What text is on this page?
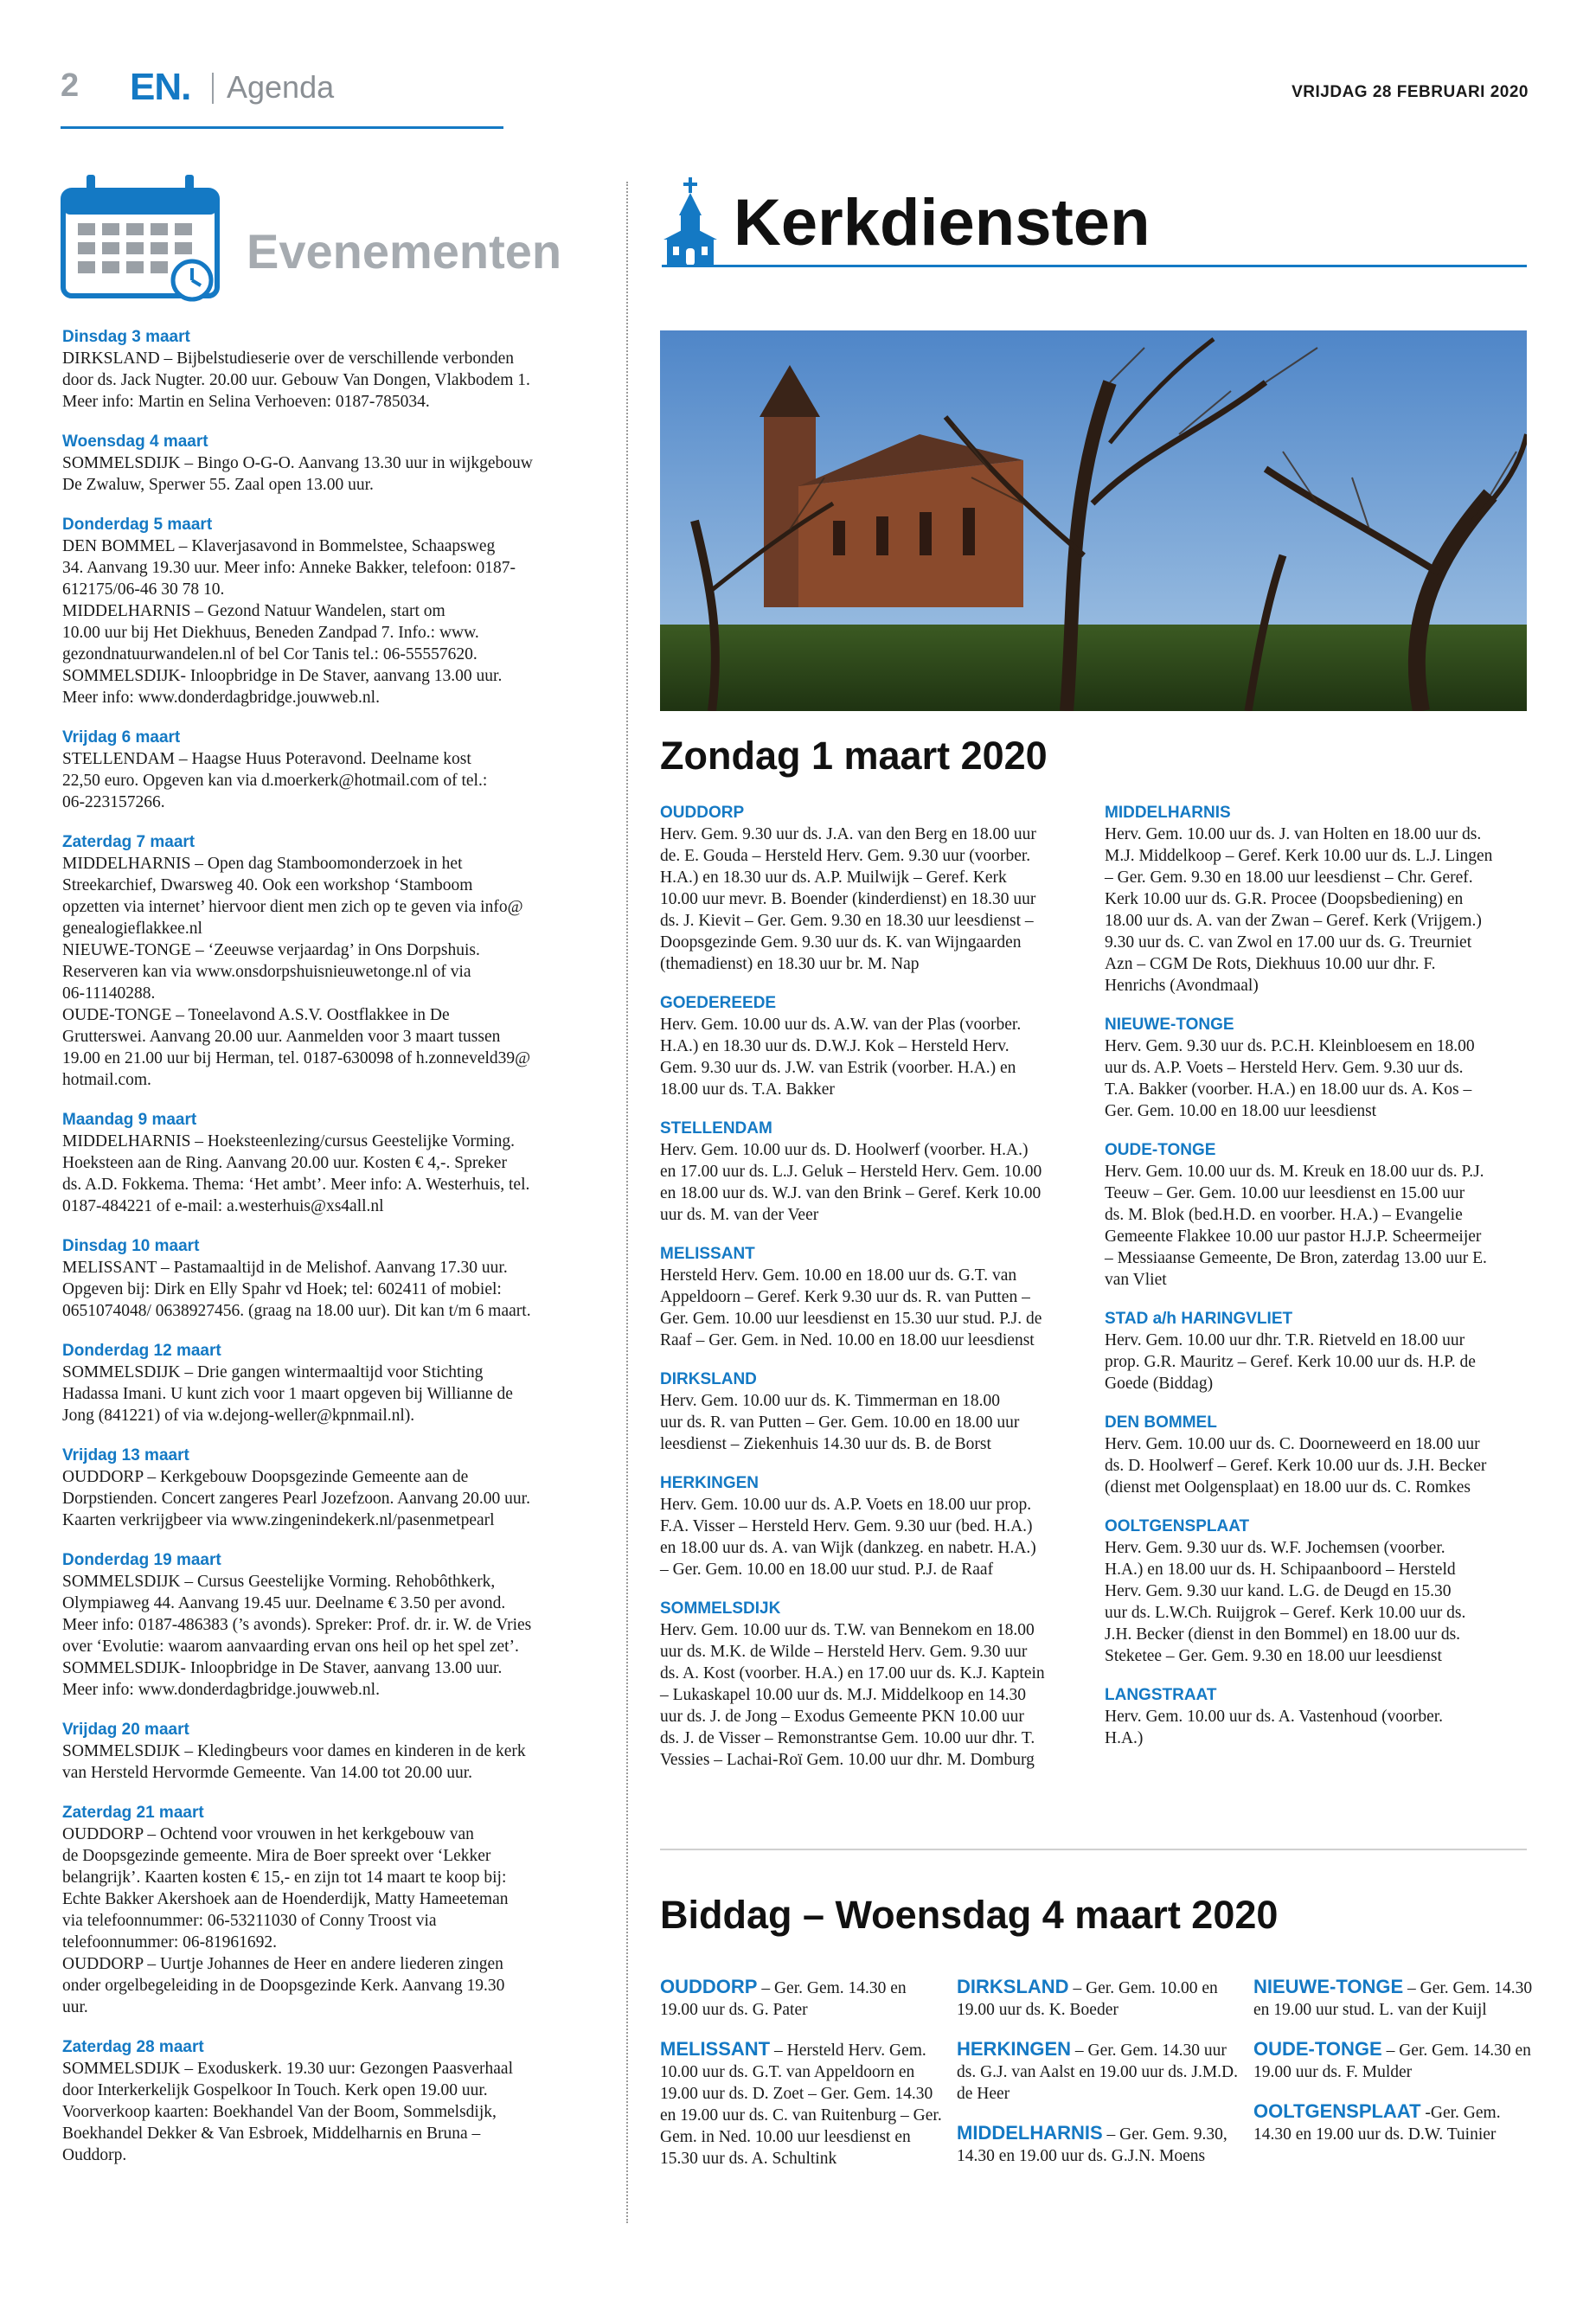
2 EN. Agenda	VRIJDAG 28 FEBRUARI 2020
Evenementen
Dinsdag 3 maart
DIRKSLAND – Bijbelstudieserie over de verschillende verbonden
door ds. Jack Nugter. 20.00 uur. Gebouw Van Dongen, Vlakbodem 1.
Meer info: Martin en Selina Verhoeven: 0187-785034.
Woensdag 4 maart
SOMMELSDIJK – Bingo O-G-O. Aanvang 13.30 uur in wijkgebouw
De Zwaluw, Sperwer 55. Zaal open 13.00 uur.
Donderdag 5 maart
DEN BOMMEL – Klaverjasavond in Bommelstee, Schaapsweg
34. Aanvang 19.30 uur. Meer info: Anneke Bakker, telefoon: 0187-
612175/06-46 30 78 10.
MIDDELHARNIS – Gezond Natuur Wandelen, start om
10.00 uur bij Het Diekhuus, Beneden Zandpad 7. Info.: www.
gezondnatuurwandelen.nl of bel Cor Tanis tel.: 06-55557620.
SOMMELSDIJK- Inloopbridge in De Staver, aanvang 13.00 uur.
Meer info: www.donderdagbridge.jouwweb.nl.
Vrijdag 6 maart
STELLENDAM – Haagse Huus Poteravond. Deelname kost
22,50 euro. Opgeven kan via d.moerkerk@hotmail.com of tel.:
06-223157266.
Zaterdag 7 maart
MIDDELHARNIS – Open dag Stamboomonderzoek in het
Streekarchief, Dwarsweg 40. Ook een workshop ‘Stamboom
opzetten via internet’ hiervoor dient men zich op te geven via info@
genealogieflakkee.nl
NIEUWE-TONGE – ‘Zeeuwse verjaardag’ in Ons Dorpshuis.
Reserveren kan via www.onsdorpshuisnieuwetonge.nl of via
06-11140288.
OUDE-TONGE – Toneelavond A.S.V. Oostflakkee in De
Grutterswei. Aanvang 20.00 uur. Aanmelden voor 3 maart tussen
19.00 en 21.00 uur bij Herman, tel. 0187-630098 of h.zonneveld39@
hotmail.com.
Maandag 9 maart
MIDDELHARNIS – Hoeksteenlezing/cursus Geestelijke Vorming.
Hoeksteen aan de Ring. Aanvang 20.00 uur. Kosten € 4,-. Spreker
ds. A.D. Fokkema. Thema: ‘Het ambt’. Meer info: A. Westerhuis, tel.
0187-484221 of e-mail: a.westerhuis@xs4all.nl
Dinsdag 10 maart
MELISSANT – Pastamaaltijd in de Melishof. Aanvang 17.30 uur.
Opgeven bij: Dirk en Elly Spahr vd Hoek; tel: 602411 of mobiel:
0651074048/ 0638927456. (graag na 18.00 uur). Dit kan t/m 6 maart.
Donderdag 12 maart
SOMMELSDIJK – Drie gangen wintermaaltijd voor Stichting
Hadassa Imani. U kunt zich voor 1 maart opgeven bij Willianne de
Jong (841221) of via w.dejong-weller@kpnmail.nl).
Vrijdag 13 maart
OUDDORP – Kerkgebouw Doopsgezinde Gemeente aan de
Dorpstienden. Concert zangeres Pearl Jozefzoon. Aanvang 20.00 uur.
Kaarten verkrijgbeer via www.zingenindekerk.nl/pasenmetpearl
Donderdag 19 maart
SOMMELSDIJK – Cursus Geestelijke Vorming. Rehobôthkerk,
Olympiaweg 44. Aanvang 19.45 uur. Deelname € 3.50 per avond.
Meer info: 0187-486383 (’s avonds). Spreker: Prof. dr. ir. W. de Vries
over ‘Evolutie: waarom aanvaarding ervan ons heil op het spel zet’.
SOMMELSDIJK- Inloopbridge in De Staver, aanvang 13.00 uur.
Meer info: www.donderdagbridge.jouwweb.nl.
Vrijdag 20 maart
SOMMELSDIJK – Kledingbeurs voor dames en kinderen in de kerk
van Hersteld Hervormde Gemeente. Van 14.00 tot 20.00 uur.
Zaterdag 21 maart
OUDDORP – Ochtend voor vrouwen in het kerkgebouw van
de Doopsgezinde gemeente. Mira de Boer spreekt over ‘Lekker
belangrijk’. Kaarten kosten € 15,- en zijn tot 14 maart te koop bij:
Echte Bakker Akershoek aan de Hoenderdijk, Matty Hameeteman
via telefoonnummer: 06-53211030 of Conny Troost via
telefoonnummer: 06-81961692.
OUDDORP – Uurtje Johannes de Heer en andere liederen zingen
onder orgelbegeleiding in de Doopsgezinde Kerk. Aanvang 19.30
uur.
Zaterdag 28 maart
SOMMELSDIJK – Exoduskerk. 19.30 uur: Gezongen Paasverhaal
door Interkerkelijk Gospelkoor In Touch. Kerk open 19.00 uur.
Voorverkoop kaarten: Boekhandel Van der Boom, Sommelsdijk,
Boekhandel Dekker & Van Esbroek, Middelharnis en Bruna –
Ouddorp.
Kerkdiensten
Zondag 1 maart 2020
OUDDORP
Herv. Gem. 9.30 uur ds. J.A. van den Berg en 18.00 uur
de. E. Gouda – Hersteld Herv. Gem. 9.30 uur (voorber.
H.A.) en 18.30 uur ds. A.P. Muilwijk – Geref. Kerk
10.00 uur mevr. B. Boender (kinderdienst) en 18.30 uur
ds. J. Kievit – Ger. Gem. 9.30 en 18.30 uur leesdienst –
Doopsgezinde Gem. 9.30 uur ds. K. van Wijngaarden
(themadienst) en 18.30 uur br. M. Nap
GOEDEREEDE
Herv. Gem. 10.00 uur ds. A.W. van der Plas (voorber.
H.A.) en 18.30 uur ds. D.W.J. Kok – Hersteld Herv.
Gem. 9.30 uur ds. J.W. van Estrik (voorber. H.A.) en
18.00 uur ds. T.A. Bakker
STELLENDAM
Herv. Gem. 10.00 uur ds. D. Hoolwerf (voorber. H.A.)
en 17.00 uur ds. L.J. Geluk – Hersteld Herv. Gem. 10.00
en 18.00 uur ds. W.J. van den Brink – Geref. Kerk 10.00
uur ds. M. van der Veer
MELISSANT
Hersteld Herv. Gem. 10.00 en 18.00 uur ds. G.T. van
Appeldoorn – Geref. Kerk 9.30 uur ds. R. van Putten –
Ger. Gem. 10.00 uur leesdienst en 15.30 uur stud. P.J. de
Raaf – Ger. Gem. in Ned. 10.00 en 18.00 uur leesdienst
DIRKSLAND
Herv. Gem. 10.00 uur ds. K. Timmerman en 18.00
uur ds. R. van Putten – Ger. Gem. 10.00 en 18.00 uur
leesdienst – Ziekenhuis 14.30 uur ds. B. de Borst
HERKINGEN
Herv. Gem. 10.00 uur ds. A.P. Voets en 18.00 uur prop.
F.A. Visser – Hersteld Herv. Gem. 9.30 uur (bed. H.A.)
en 18.00 uur ds. A. van Wijk (dankzeg. en nabetr. H.A.)
– Ger. Gem. 10.00 en 18.00 uur stud. P.J. de Raaf
SOMMELSDIJK
Herv. Gem. 10.00 uur ds. T.W. van Bennekom en 18.00
uur ds. M.K. de Wilde – Hersteld Herv. Gem. 9.30 uur
ds. A. Kost (voorber. H.A.) en 17.00 uur ds. K.J. Kaptein
– Lukaskapel 10.00 uur ds. M.J. Middelkoop en 14.30
uur ds. J. de Jong – Exodus Gemeente PKN 10.00 uur
ds. J. de Visser – Remonstrantse Gem. 10.00 uur dhr. T.
Vessies – Lachai-Roï Gem. 10.00 uur dhr. M. Domburg
MIDDELHARNIS
Herv. Gem. 10.00 uur ds. J. van Holten en 18.00 uur ds.
M.J. Middelkoop – Geref. Kerk 10.00 uur ds. L.J. Lingen
– Ger. Gem. 9.30 en 18.00 uur leesdienst – Chr. Geref.
Kerk 10.00 uur ds. G.R. Procee (Doopsbediening) en
18.00 uur ds. A. van der Zwan – Geref. Kerk (Vrijgem.)
9.30 uur ds. C. van Zwol en 17.00 uur ds. G. Treurniet
Azn – CGM De Rots, Diekhuus 10.00 uur dhr. F.
Henrichs (Avondmaal)
NIEUWE-TONGE
Herv. Gem. 9.30 uur ds. P.C.H. Kleinbloesem en 18.00
uur ds. A.P. Voets – Hersteld Herv. Gem. 9.30 uur ds.
T.A. Bakker (voorber. H.A.) en 18.00 uur ds. A. Kos –
Ger. Gem. 10.00 en 18.00 uur leesdienst
OUDE-TONGE
Herv. Gem. 10.00 uur ds. M. Kreuk en 18.00 uur ds. P.J.
Teeuw – Ger. Gem. 10.00 uur leesdienst en 15.00 uur
ds. M. Blok (bed.H.D. en voorber. H.A.) – Evangelie
Gemeente Flakkee 10.00 uur pastor H.J.P. Scheermeijer
– Messiaanse Gemeente, De Bron, zaterdag 13.00 uur E.
van Vliet
STAD a/h HARINGVLIET
Herv. Gem. 10.00 uur dhr. T.R. Rietveld en 18.00 uur
prop. G.R. Mauritz – Geref. Kerk 10.00 uur ds. H.P. de
Goede (Biddag)
DEN BOMMEL
Herv. Gem. 10.00 uur ds. C. Doorneweerd en 18.00 uur
ds. D. Hoolwerf – Geref. Kerk 10.00 uur ds. J.H. Becker
(dienst met Oolgensplaat) en 18.00 uur ds. C. Romkes
OOLTGENSPLAAT
Herv. Gem. 9.30 uur ds. W.F. Jochemsen (voorber.
H.A.) en 18.00 uur ds. H. Schipaanboord – Hersteld
Herv. Gem. 9.30 uur kand. L.G. de Deugd en 15.30
uur ds. L.W.Ch. Ruijgrok – Geref. Kerk 10.00 uur ds.
J.H. Becker (dienst in den Bommel) en 18.00 uur ds.
Steketee – Ger. Gem. 9.30 en 18.00 uur leesdienst
LANGSTRAAT
Herv. Gem. 10.00 uur ds. A. Vastenhoud (voorber.
H.A.)
Biddag – Woensdag 4 maart 2020
OUDDORP – Ger. Gem. 14.30 en 19.00 uur ds. G. Pater
MELISSANT – Hersteld Herv. Gem. 10.00 uur ds. G.T. van Appeldoorn en 19.00 uur ds. D. Zoet – Ger. Gem. 14.30 en 19.00 uur ds. C. van Ruitenburg – Ger. Gem. in Ned. 10.00 uur leesdienst en 15.30 uur ds. A. Schultink
DIRKSLAND – Ger. Gem. 10.00 en 19.00 uur ds. K. Boeder
HERKINGEN – Ger. Gem. 14.30 uur ds. G.J. van Aalst en 19.00 uur ds. J.M.D. de Heer
MIDDELHARNIS – Ger. Gem. 9.30, 14.30 en 19.00 uur ds. G.J.N. Moens
NIEUWE-TONGE – Ger. Gem. 14.30 en 19.00 uur stud. L. van der Kuijl
OUDE-TONGE – Ger. Gem. 14.30 en 19.00 uur ds. F. Mulder
OOLTGENSPLAAT -Ger. Gem. 14.30 en 19.00 uur ds. D.W. Tuinier
